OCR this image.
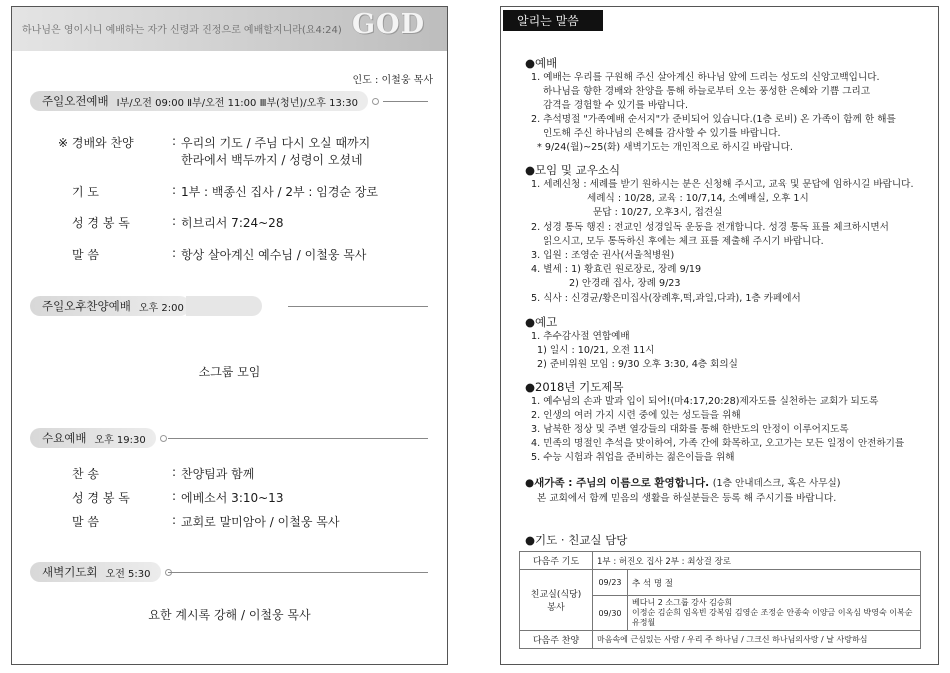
하나님은 영이시니 예배하는 자가 신령과 진정으로 예배할지니라(요4:24) GOD
인도 : 이철웅 목사
주일오전예배 Ⅰ부/오전 09:00 Ⅱ부/오전 11:00 Ⅲ부(청년)/오후 13:30
※ 경배와 찬양	: 우리의 기도 / 주님 다시 오실 때까지
한라에서 백두까지 / 성령이 오셨네
기 도	: 1부 : 백종신 집사 / 2부 : 임경순 장로
성 경 봉 독	: 히브리서 7:24~28
말 씀	: 항상 살아계신 예수님 / 이철웅 목사
주일오후찬양예배 오후 2:00
소그룹 모임
수요예배 오후 19:30
찬 송	: 찬양팀과 함께
성 경 봉 독	: 에베소서 3:10~13
말 씀	: 교회로 말미암아 / 이철웅 목사
새벽기도회 오전 5:30
요한 계시록 강해 / 이철웅 목사
알리는 말씀
●예배
1. 예배는 우리를 구원해 주신 살아계신 하나님 앞에 드리는 성도의 신앙고백입니다.
하나님을 향한 경배와 찬양을 통해 하늘로부터 오는 풍성한 은혜와 기쁨 그리고
감격을 경험할 수 있기를 바랍니다.
2. 추석명절 "가족예배 순서지"가 준비되어 있습니다.(1층 로비) 온 가족이 함께 한 해를
인도해 주신 하나님의 은혜를 감사할 수 있기를 바랍니다.
* 9/24(월)~25(화) 새벽기도는 개인적으로 하시길 바랍니다.
●모임 및 교우소식
1. 세례신청 : 세례를 받기 원하시는 분은 신청해 주시고, 교육 및 문답에 임하시길 바랍니다.
세례식 : 10/28, 교육 : 10/7,14, 소예배실, 오후 1시
문답 : 10/27, 오후3시, 접견실
2. 성경 통독 행진 : 전교인 성경일독 운동을 전개합니다. 성경 통독 표를 체크하시면서
읽으시고, 모두 통독하신 후에는 체크 표를 제출해 주시기 바랍니다.
3. 입원 : 조영순 권사(서울척병원)
4. 별세 : 1) 황효린 원로장로, 장례 9/19
2) 안경래 집사, 장례 9/23
5. 식사 : 신경균/황은미집사(장례후,떡,과일,다과), 1층 카페에서
●예고
1. 추수감사절 연합예배
1) 일시 : 10/21, 오전 11시
2) 준비위원 모임 : 9/30 오후 3:30, 4층 회의실
●2018년 기도제목
1. 예수님의 손과 발과 입이 되어!(마4:17,20:28)제자도를 실천하는 교회가 되도록
2. 인생의 여러 가지 시련 중에 있는 성도들을 위해
3. 남북한 정상 및 주변 열강들의 대화를 통해 한반도의 안정이 이루어지도록
4. 민족의 명절인 추석을 맞이하여, 가족 간에 화목하고, 오고가는 모든 일정이 안전하기를
5. 수능 시험과 취업을 준비하는 젊은이들을 위해
●새가족 : 주님의 이름으로 환영합니다. (1층 안내데스크, 혹은 사무실)
본 교회에서 함께 믿음의 생활을 하실분들은 등록 해 주시기를 바랍니다.
●기도 · 친교실 담당
다음주 기도	1부 : 허진오 집사 2부 : 최상걸 장로	
친교실(식당)
봉사	09/23	추 석 명 절
	09/30	베다니 2 소그룹 강사 김승희
이정순 김순희 임옥빈 강복임 김영순 조정순 안종숙 이양금 이옥심 박영숙 이복순 유정월

다음주 찬양	마음속에 근심있는 사람 / 우리 주 하나님 / 그크신 하나님의사랑 / 날 사랑하심	
